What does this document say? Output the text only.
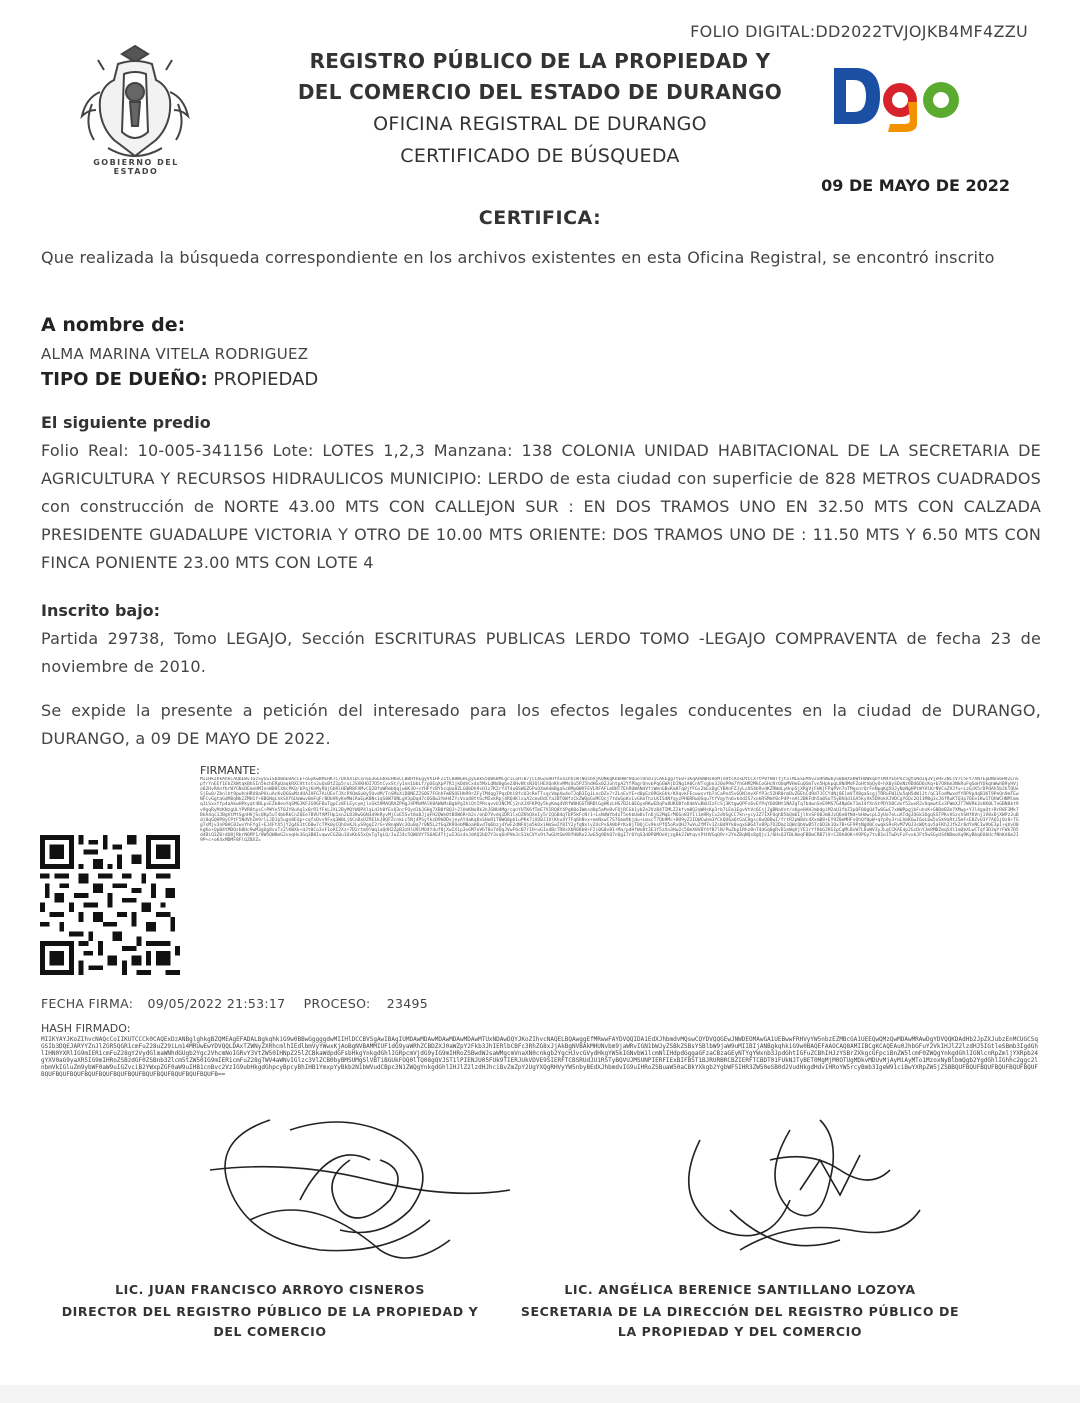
FOLIO DIGITAL:DD2022TVJOJKB4MF4ZZU
GOBIERNO DEL ESTADO
REGISTRO PÚBLICO DE LA PROPIEDAD Y
DEL COMERCIO DEL ESTADO DE DURANGO
OFICINA REGISTRAL DE DURANGO
CERTIFICADO DE BÚSQUEDA
Dgo
09 DE MAYO DE 2022
CERTIFICA:
Que realizada la búsqueda correspondiente en los archivos existentes en esta Oficina Registral, se encontró inscrito
A nombre de:
ALMA MARINA VITELA RODRIGUEZ
TIPO DE DUEÑO: PROPIEDAD
El siguiente predio
Folio Real: 10-005-341156 Lote: LOTES 1,2,3 Manzana: 138 COLONIA UNIDAD HABITACIONAL DE LA SECRETARIA DE AGRICULTURA Y RECURSOS HIDRAULICOS MUNICIPIO: LERDO de esta ciudad con superficie de 828 METROS CUADRADOS con construcción de NORTE 43.00 MTS CON CALLEJON SUR : EN DOS TRAMOS UNO EN 32.50 MTS CON CALZADA PRESIDENTE GUADALUPE VICTORIA Y OTRO DE 10.00 MTS ORIENTE: DOS TRAMOS UNO DE : 11.50 MTS Y 6.50 MTS CON FINCA PONIENTE 23.00 MTS CON LOTE 4
Inscrito bajo:
Partida 29738, Tomo LEGAJO, Sección ESCRITURAS PUBLICAS LERDO TOMO -LEGAJO COMPRAVENTA de fecha 23 de noviembre de 2010.
Se expide la presente a petición del interesado para los efectos legales conducentes en la ciudad de DURANGO, DURANGO, a 09 DE MAYO DE 2022.
FIRMANTE:
MIIHkZhkAhkCAQbEBv1GcSyGSISbD0bEHAcCE+oGyKwBMIHKTC/DkhXiDlxnSG3GEGbkEHKoCCBBHtkEgyVhIHFZ1tC8BWGHCpyG6kS5Q0kBMCgciCoHlB7jCCbGoxHHfXx4ZhhcWlNQsbAjKQNkgKbbHWrHQuelHnd1ICAkEgg7tE0+IKqAHoWHsHoMTnHtcAsxDtCCX+tP8fHHTtjtolMLESEMhvZxHhWwbyS0bBXaKWtHdWkqbYsM4YEbPoc5gtoNdIq3VjeHFZNCcV7C5Ft7XN7EpDNoS6H9ZCnSpfrYnEEf1EhZXWtqkBhSIn5kchERpUaqkRXCHttstn2uQxBtZ1p5ruiJSXKHOI7O5tCvxSt/yInn1bbLf/pOEqXpP7R1jkDdhCx4o5MxLdNd0g6eZ4HvNtsN3QlHEXQnKhvMMsOu5PJ5hdHGx02JuhtpA2YfPbgrOnvbPqGGWAjDINg1A0CnVTsgbn3J0oP9m7YhGHM2MkCoGHcRrOUqMVHeEuQGmTvn5HpkpqL8N4MdFZoHthbQyO+hX0ySDnNz9Dd6D6cKq+b7O8hm3NkRuFqGoHYUkghWwhB9yHVjo82HvRAnfbrWYGNsDEmnHMInnWB8CX8cPKQ/bPqjKnMyRUjGbRiHEWR8FAMvCQ2BfoWRmbQqjwkK3O+sYHFYcBYhcqUo8ZLGQbDh9sH1z7K2rY4T4u0SWGZGPuQXmA4mBgaSc8Mp0WVFEVLRFAFLmBHT7EhRUWANdVfiWmnGBxKm8Tq0jfFGs2bExDgCYBAnFZJyLcUS4b9vdKZRWdLyHnpSjXRgVjFHKjFPqPVn7oTMqsnrQrFeNpqKg5UJyNzNgHPtWYHlKrNVCaZVJfu+LzGiK5rDPdAh5b2kTQUeSjEw0/Zbnlht9pwhnHRV8aPHiuAcKvDGGwMzdUAJHFG7AiUEnTJXcPXQmSu0y5UvdM/TnSMxXiD8NEZ2S0S7FGhhFmBSOEHhR9rZFyTM4qg7PqzDhi0fcU3cReTTsqcVmpXw4oTJqB3Ig1LncDZx7rZLnExYE+d0pEzORGkGhk/KXqvkFEcwwsvtbTnCaPe45vGONlmvXFfP3c52HR0rmDvZGEhCd9d7JCCYdNj0ElmVTX8gaSsgjTRRuFW1Uu5qH5dW1Jt/qC3FodMwxdfYRPVp4qB1KT9PeQn9mTEwNFCvGgtaGdM8qNk2ZMH1f+8BGNqLhkSXfGUaWwv0mFqFrBDbVKyKeMWiRaEpK0Ns1qS8W7UNLgV3pDqd7cOGBw3YmH4ZYcVsa48ttGcMIxkRpj4RQ4KlzuA2cmvDdCYaJBT0WfzCkZWQpGxMCQcj7tdoGpKvLvGHaThzLKIS4NfqyzPH6RRwQSqu7tYVqyYn6vk4d2S7xnkRSMmY0cPdP+nAl2BKFdh5a0SoT5yBhQd1GA5kyVk5DHnkXJVDCgYGQc2Q11M8g3sJ6fRuKTQ3p7OEe1Kw1TQhWCHNMlmmq1LSxxYfp4aAkwHPkyqt4BLpvEZk0eoYqSMGJKFJG9GFBuTgpCz8FLEycymjlxSk59MAQRAZPHgJ4PMnMAlK8AWbMsBgbPgIhlQtIPRsqvvUJNCMCj2nXJXFKPQy5kyKmq4VRfW8HGSTNRBlGgHKzLHG7B2L0E6yxRKwEDqPu8UKUBfeD4mVuBbUIzFcSj3KtgwQPFs6vEfPqY6O0Nt1NAZgTq7bdwnSnE9MS7G4Np6kT1m14fXnStPDYX8Cdxf52wvR2vUqmwtEx3FWmXJT7WVRk3sKK0LTnGBN8kt9v9gqRyMzKNzgULYPVR8tpsC+PWYe5T0JY8uAq1x8rR1fFkLJXL2ByMQYWQP4lqLdJh0fExQ3nrFQyd1bJGHq7XB0f8QJ+2lHnKNoRk3hJGNU4MgrcqnYUTK6fTmE7V1RQ8Y4PgK0oIWmsd0p5aMvBvFQjRCGb1ybZe2VzB4TIMLZ2kfvm0Q2qWHsKp3rb7LEm1EgvVtVc6CsjJgBNaVnt/xKpeHAHJmbdpiM2aU1fbZ3pQF0OgQ4Tw6GwC7xWWPpgjbFuhsK+G0DmBZm7XMwp+YJl4gaQt+RrR8F3Mk7BkA4qc1JBgAtMtSgnHVjScQKp5uT4bbRkCnZQEe7BVUfAMTHp1xn2LD38wG6N3d9kRyvMjCoE5Svt8a8JjqFH2QWe0tBOW6R+b2s/ohD7Vvdq1DR1lxQZKhQXeIy5rIQGB4qTbP5kFcNr1+LxNdWYb4oT5ehbUm8sTn6jG2MqE/M6Gn83Y1l1m9RyCx2dVSgCC7kn+ycy3Z7IXFQqhD5bQm6IjlhvSFQ0Jm8JzQ6eBfNd+bHdwcpL2yUo7eLuATdgJQGk3OgqSSTPKvVSzshSNfKVnj1V8xDjXWPz2uBdi8qGQHP8yCPtF5NdVhZm9rlLJD1p5ugn8Edp+cqfxDvs9Fxq3W0Lj6CnDxUZ9E1kJ8QFZcnkLc5Nj4PSyYkzD9bDDxjeyAY4aKq8xSHoR1T0WQ8pb1uPKk7iXO8J1VlKhu4Y7Fq6hNvx+mnNxwC7S7Gbm9bjdu+LmxcT7Ob9Mc+8U9yZ2IQWCwbm3YCkQU6a6tGaCHgsc6wQ0DwI/frtR2pW8dc4XxmB8+EY9Z0eMHFvQhQf0pW+qYp9y3ruLhbKGwI6oL6w5xSk9aRtJ5mFsE8ZvU3Y7AQ1j0z8+TGgTsMjv3nP0HC0JwvYhFYgI+EJ4FtX5jY2g4G1tC60w7cTPk0yCQhOvKJLyS9gqI2rG+V8nqWVc3Ou0q7r0N5L2fGqZK9OebMBoaH6vdTm6bzj4YwF2dNFUjm5kOxiHmSwIY8IY2yfqNxlvZ4cPv6A0bPrKx0jT0QjCv9ksPfQ5oRxOHJ7wVuZfM7v1ZsBd9Yk0vqxG8G4Tx8Pp7O2Dmz1QWcQbVwB5Tc6D3k1Qx7B+GF9PzNgU0CswqkS9sRvM7V0J3sWQtqv5aFKh2JfkZr8dYnNC1wVbE3p1+qVvO0kgKo+QpB4tMDQsb0Hc9wM3gUg8vuTz2lKWXk+dJt0Co3xF1oAI2Xz+7D2rtm9lWq1aQdH2ZpB3zHlU9lMO4Y4uf8jXwIX1p3vGM7eVbT0u7dQqJVwF6cB7rIH+uGIx4BcTR8sXbR6Kb0+F2i0G0vB1+Ma/pdHfWnBt3E1Y5zXn3Hw2c5OmX0V8Y4fB7lN/PwZbp1Rhz0nT4dGq0gRvD1eWqVjYE1rYf8bGJKG1pCqMLBvW7LDuWV3yJLqCCKAE4p2GcDnYJm8MDZmqS4l1mQbXLwCTqf3D3qYrFWk7D5d4BiQ3Z0+dU8jRbrN6MY1/8W5QW0mG2vnqHv3Gq3B8IvqwvCGZ0u1OxKbS5xQxTgTgLQ/JuZJ4c5QWUVY7S6AE4TtjwI3Gs4nJdAQ2bD7Y3vq6nPVmJcS1kCVYx9t7wGUtGm9OfH0Ro2JwG5g9DhQ7nQgI7r6YqS3d0PUMOeVjzgBk2JWtqvsPtHVGqQ9r+2YeZBqNQs8gQjc1/6HsQ3TBLKmqFBDmCRB7lV+CZ8h0OK+X9PGy7tvB1e1TwDvFzFvxkJFt5wSGyUS4NDmoXq9KyBbq6UbUcfNhKd6m2I9P+c+oK4xMDMF8FlQZBXZ=
FECHA FIRMA: 09/05/2022 21:53:17 PROCESO: 23495
HASH FIRMADO:
MIIKYAYJKoZIhvcNAQcCoIIKUTCCCk0CAQExDzANBglghkgBZQMEAgEFADALBgkqhkiG9w0BBwGggggdwMIIHlDCCBVSgAwIBAgIUMDAwMDAwMDAwMDAwMDAwMTUxNDAwDQYJKoZIhvcNAQELBQAwggEfMRwwFAYDVQQIDA1EdXJhbmdvMQswCQYDVQQGEwJNWDEOMAwGA1UEBwwFRHVyYW5nbzEZMBcGA1UEEQwQMzQwMDAwMRAwDgYDVQQKDAdHb2JpZXJubzEnMCUGCSqGSIb3DQEJARYYZnJlZGR5QGR1cmFuZ28uZ29iLm14MRUwEwYDVQQLDAxTZWNyZXRhcmlhIEdlbmVyYWwxKjAoBgNVBAMMIUF1dG9yaWRhZCBDZXJ0aWZpY2Fkb3JhIERlbCBFc3RhZG8xJjAkBgNVBAkMHUNvbm9jaWRvIGN1bWJyZSBkZSBsYSBlbW9jaW9uMIIBIjANBgkqhkiG9w0BAQEFAAOCAQ8AMIIBCgKCAQEAu0JhbGFuY2VkIHJlZ2lzdHJ5IGtleSBmb3IgdGhlIHN0YXRlIG9mIER1cmFuZ28gY2VydGlmaWNhdGUgb2Ygc2VhcmNoIGRvY3VtZW50IHNpZ25lZCBkaWdpdGFsbHkgYnkgdGhlIGRpcmVjdG9yIG9mIHRoZSBwdWJsaWMgcmVnaXN0cnkgb2YgcHJvcGVydHkgYW5kIGNvbW1lcmNlIHdpdGggaGFzaCBzaGEyNTYgYWxnb3JpdGhtIGFuZCBhIHJzYSBrZXkgcGFpciBnZW5lcmF0ZWQgYnkgdGhlIGNlcnRpZmljYXRpb24gYXV0aG9yaXR5IG9mIHRoZSBzdGF0ZSBnb3Zlcm5tZW50IG9mIER1cmFuZ28gTWV4aWNvIGlzc3VlZCB0byBMSUMgSlVBTiBGUkFOQ0lTQ08gQVJST1lPIENJU05FUk9TIERJUkVDVE9SIERFTCBSRUdJU1RSTyBQVUJMSUNPIERFIExBIFBST1BJRURBRCBZIERFTCBDT01FUkNJTyBET0MgMjM0OTUgMDkvMDUvMjAyMiAyMTo1MzoxNyBlbmQgb2YgdGhlIGhhc2ggc2lnbmVkIGluZm9ybWF0aW9uIGZvciB2YWxpZGF0aW9uIHB1cnBvc2VzIG9ubHkgdGhpcyBpcyBhIHB1YmxpYyBkb2N1bWVudCBpc3N1ZWQgYnkgdGhlIHJlZ2lzdHJhciBvZmZpY2UgYXQgRHVyYW5nbyBEdXJhbmdvIG9uIHRoZSBuaW50aCBkYXkgb2YgbWF5IHR3ZW50eSB0d2VudHkgdHdvIHRoYW5rcyBmb3IgeW91ciBwYXRpZW5jZSBBQUFBQUFBQUFBQUFBQUFBQUFBQUFBQUFBQUFBQUFBQUFBQUFBQUFBQUFBQUFBQUFBQUFBQUFB==
LIC. JUAN FRANCISCO ARROYO CISNEROS
DIRECTOR DEL REGISTRO PÚBLICO DE LA PROPIEDAD Y DEL COMERCIO
LIC. ANGÉLICA BERENICE SANTILLANO LOZOYA
SECRETARIA DE LA DIRECCIÓN DEL REGISTRO PÚBLICO DE LA PROPIEDAD Y DEL COMERCIO
